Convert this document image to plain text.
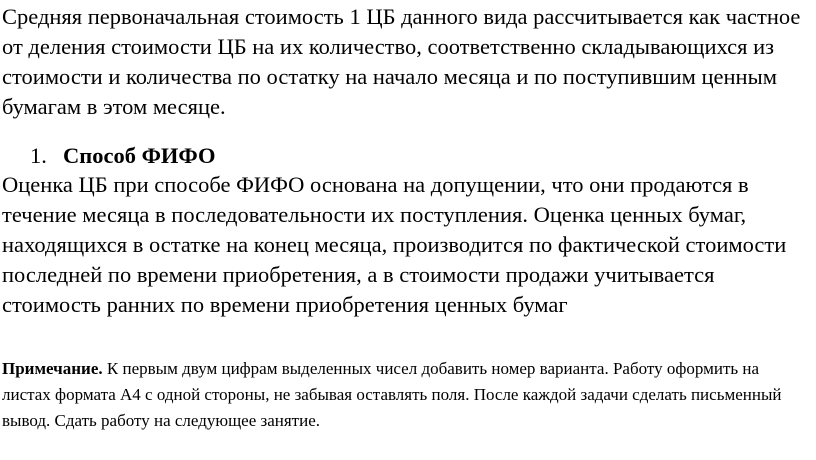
Средняя первоначальная стоимость 1 ЦБ данного вида рассчитывается как частное от деления стоимости ЦБ на их количество, соответственно складывающихся из стоимости и количества по остатку на начало месяца и по поступившим ценным бумагам в этом месяце.

1. Способ ФИФО

Оценка ЦБ при способе ФИФО основана на допущении, что они продаются в течение месяца в последовательности их поступления. Оценка ценных бумаг, находящихся в остатке на конец месяца, производится по фактической стоимости последней по времени приобретения, а в стоимости продажи учитывается стоимость ранних по времени приобретения ценных бумаг

Примечание. К первым двум цифрам выделенных чисел добавить номер варианта. Работу оформить на листах формата А4 с одной стороны, не забывая оставлять поля. После каждой задачи сделать письменный вывод. Сдать работу на следующее занятие.
